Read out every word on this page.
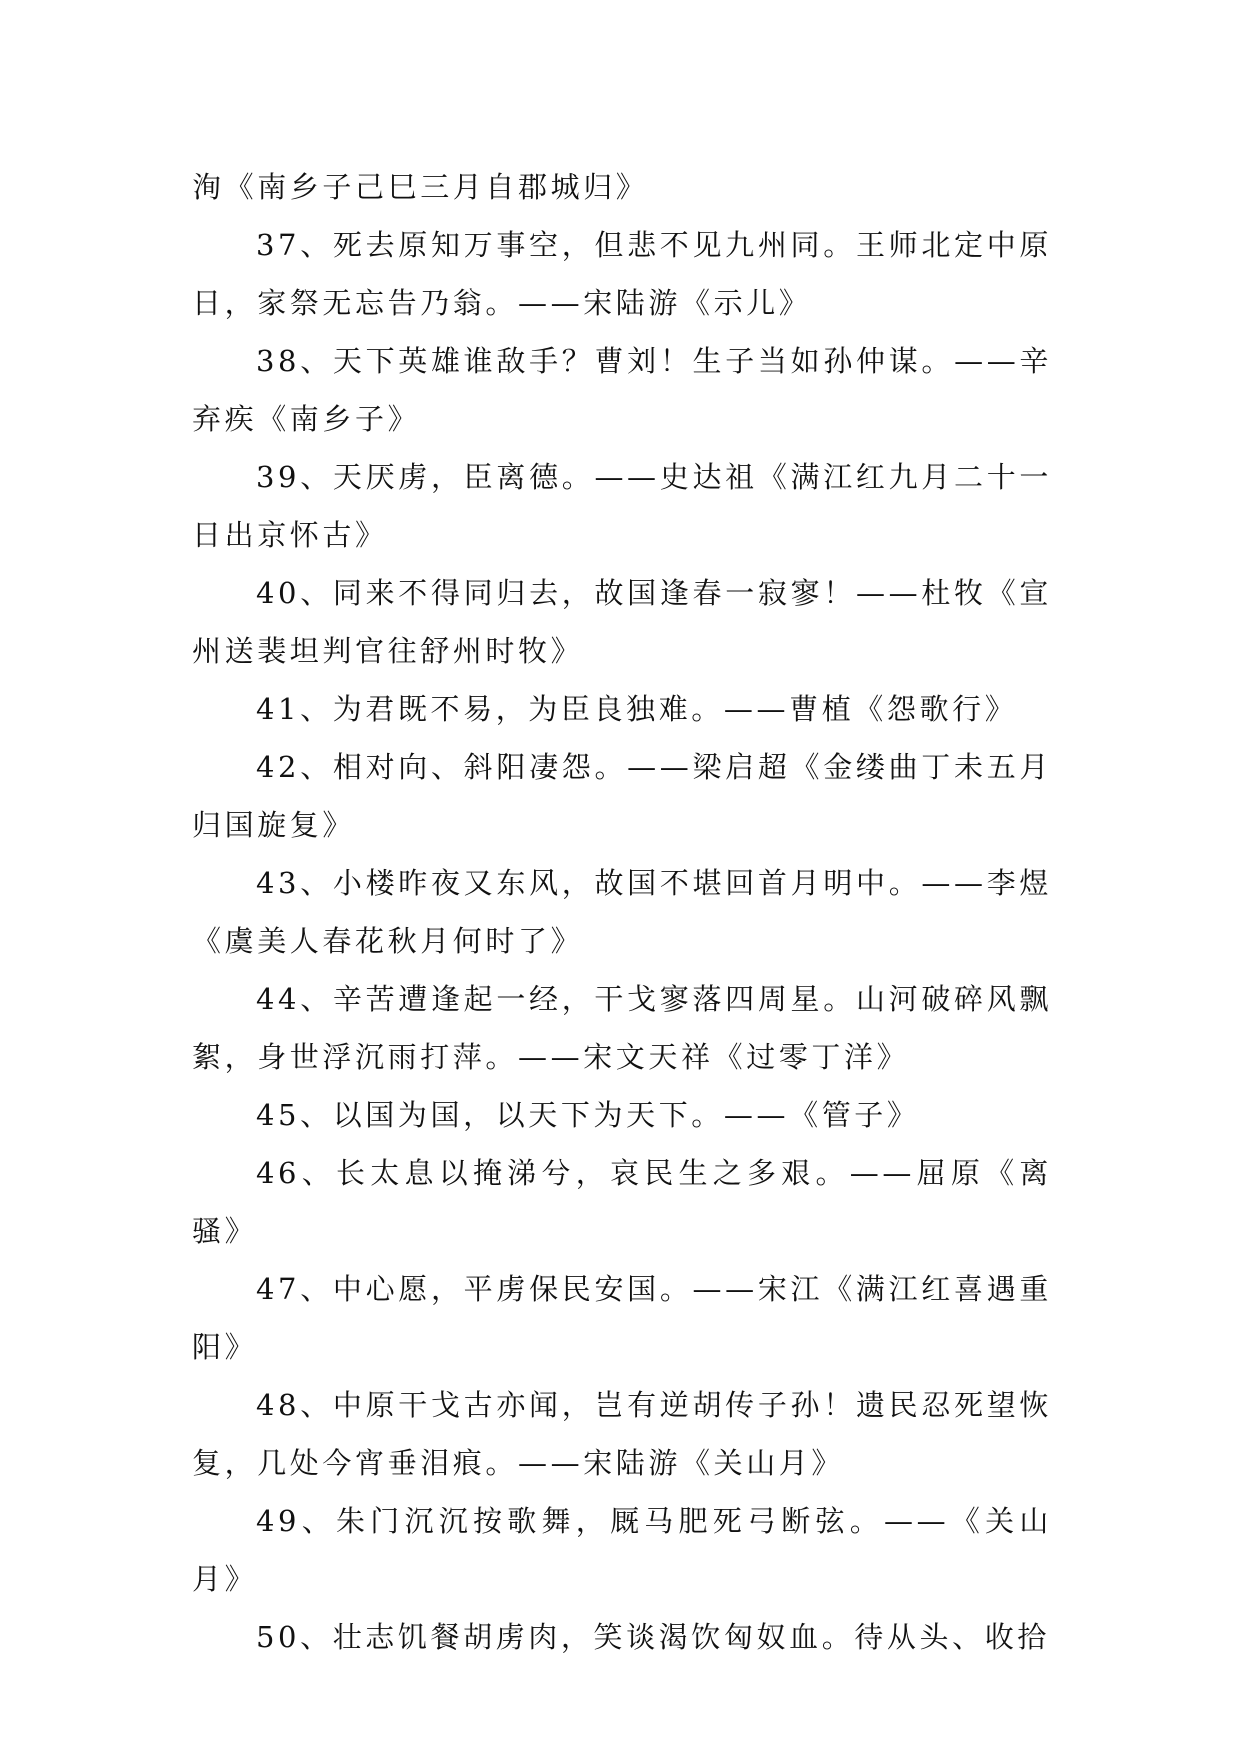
洵《南乡子己巳三月自郡城归》

37、死去原知万事空，但悲不见九州同。王师北定中原日，家祭无忘告乃翁。——宋陆游《示儿》

38、天下英雄谁敌手？曹刘！生子当如孙仲谋。——辛弃疾《南乡子》

39、天厌虏，臣离德。——史达祖《满江红九月二十一日出京怀古》

40、同来不得同归去，故国逢春一寂寥！——杜牧《宣州送裴坦判官往舒州时牧》

41、为君既不易，为臣良独难。——曹植《怨歌行》

42、相对向、斜阳凄怨。——梁启超《金缕曲丁未五月归国旋复》

43、小楼昨夜又东风，故国不堪回首月明中。——李煜《虞美人春花秋月何时了》

44、辛苦遭逢起一经，干戈寥落四周星。山河破碎风飘絮，身世浮沉雨打萍。——宋文天祥《过零丁洋》

45、以国为国，以天下为天下。——《管子》

46、长太息以掩涕兮，哀民生之多艰。——屈原《离骚》

47、中心愿，平虏保民安国。——宋江《满江红喜遇重阳》

48、中原干戈古亦闻，岂有逆胡传子孙！遗民忍死望恢复，几处今宵垂泪痕。——宋陆游《关山月》

49、朱门沉沉按歌舞，厩马肥死弓断弦。——《关山月》

50、壮志饥餐胡虏肉，笑谈渴饮匈奴血。待从头、收拾
